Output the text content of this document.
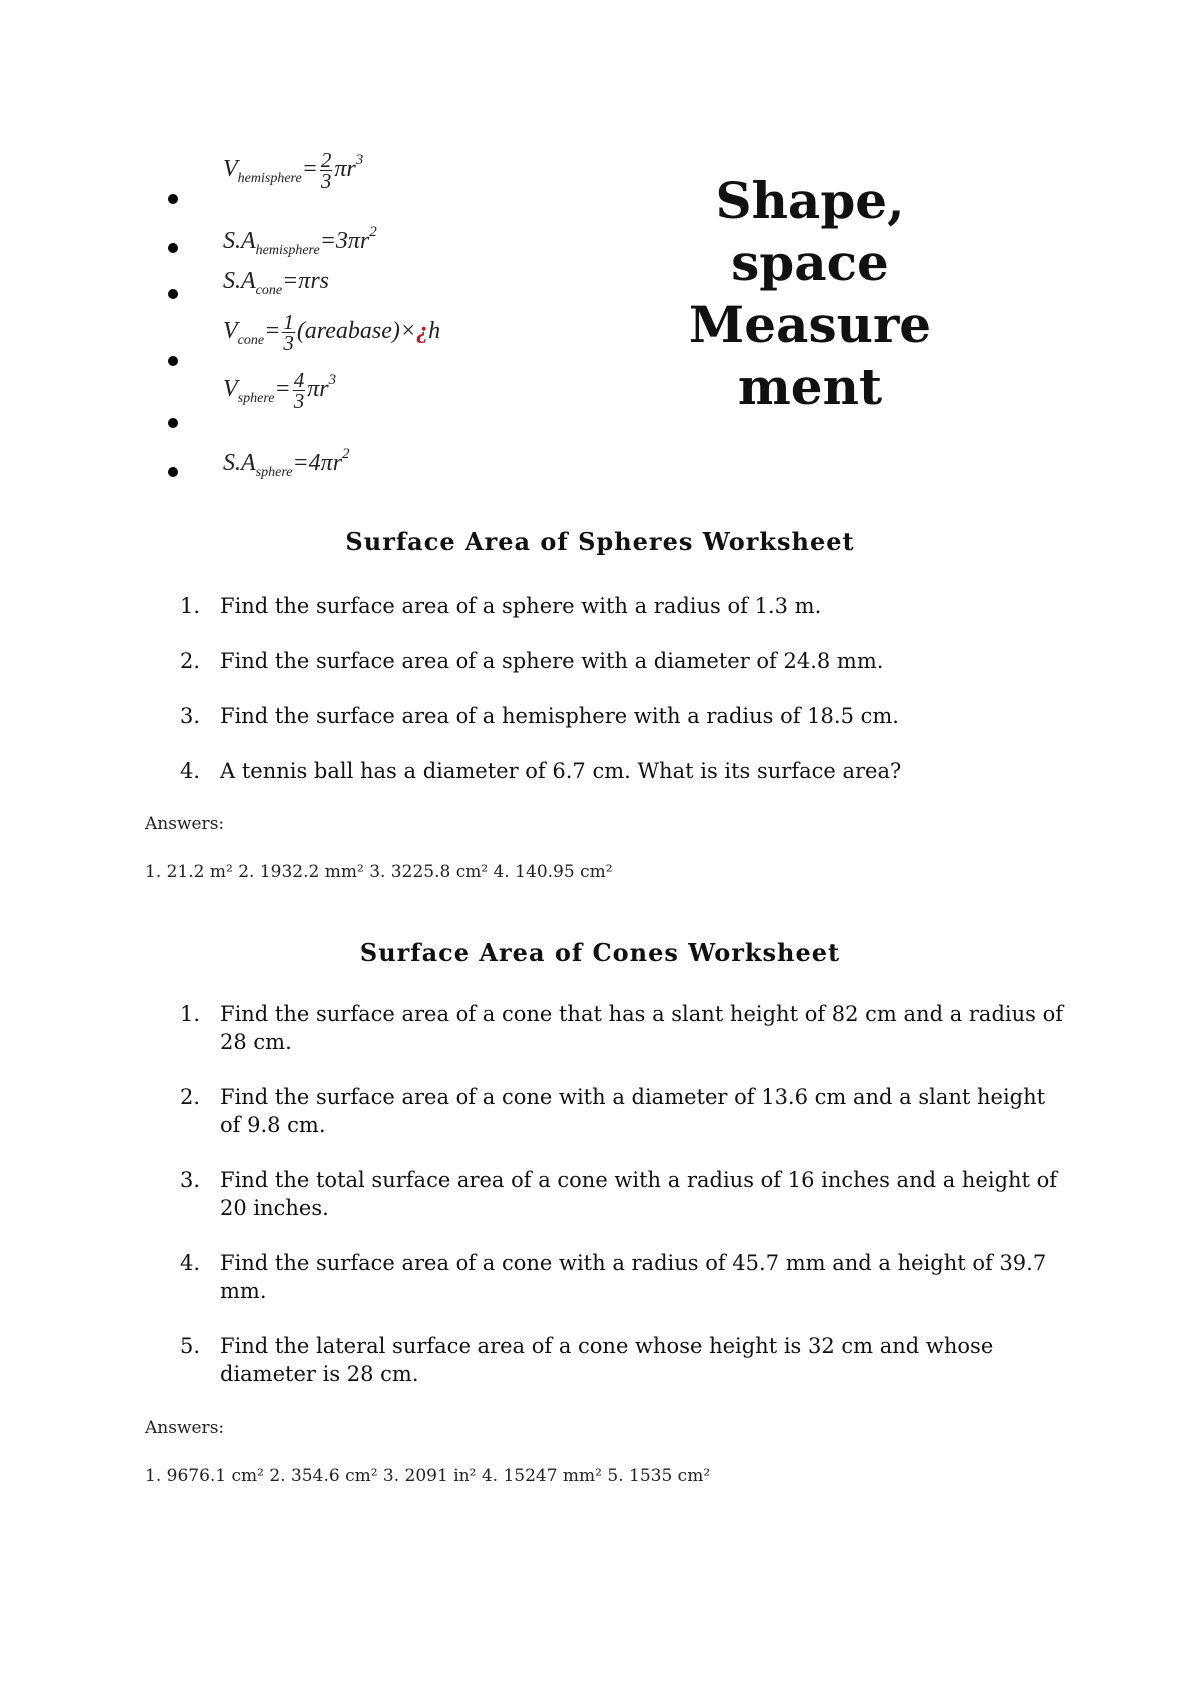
$V_{hemisphere}= \frac{2}{3} \pi r^3$
$S.A_{hemisphere}=3\pi r^2$
$S.A_{cone}=\pi rs$
$V_{cone}= \frac{1}{3}$ (areabase)×¿h
$V_{sphere}= \frac{4}{3} \pi r^3$
$S.A_{sphere}=4\pi r^2$
Shape,
space
Measure
ment
Surface Area of Spheres Worksheet
1. Find the surface area of a sphere with a radius of 1.3 m.
2. Find the surface area of a sphere with a diameter of 24.8 mm.
3. Find the surface area of a hemisphere with a radius of 18.5 cm.
4. A tennis ball has a diameter of 6.7 cm. What is its surface area?
Answers:
1. 21.2 m² 2. 1932.2 mm² 3. 3225.8 cm² 4. 140.95 cm²
Surface Area of Cones Worksheet
1. Find the surface area of a cone that has a slant height of 82 cm and a radius of 28 cm.
2. Find the surface area of a cone with a diameter of 13.6 cm and a slant height of 9.8 cm.
3. Find the total surface area of a cone with a radius of 16 inches and a height of 20 inches.
4. Find the surface area of a cone with a radius of 45.7 mm and a height of 39.7 mm.
5. Find the lateral surface area of a cone whose height is 32 cm and whose diameter is 28 cm.
Answers:
1. 9676.1 cm² 2. 354.6 cm² 3. 2091 in² 4. 15247 mm² 5. 1535 cm²
